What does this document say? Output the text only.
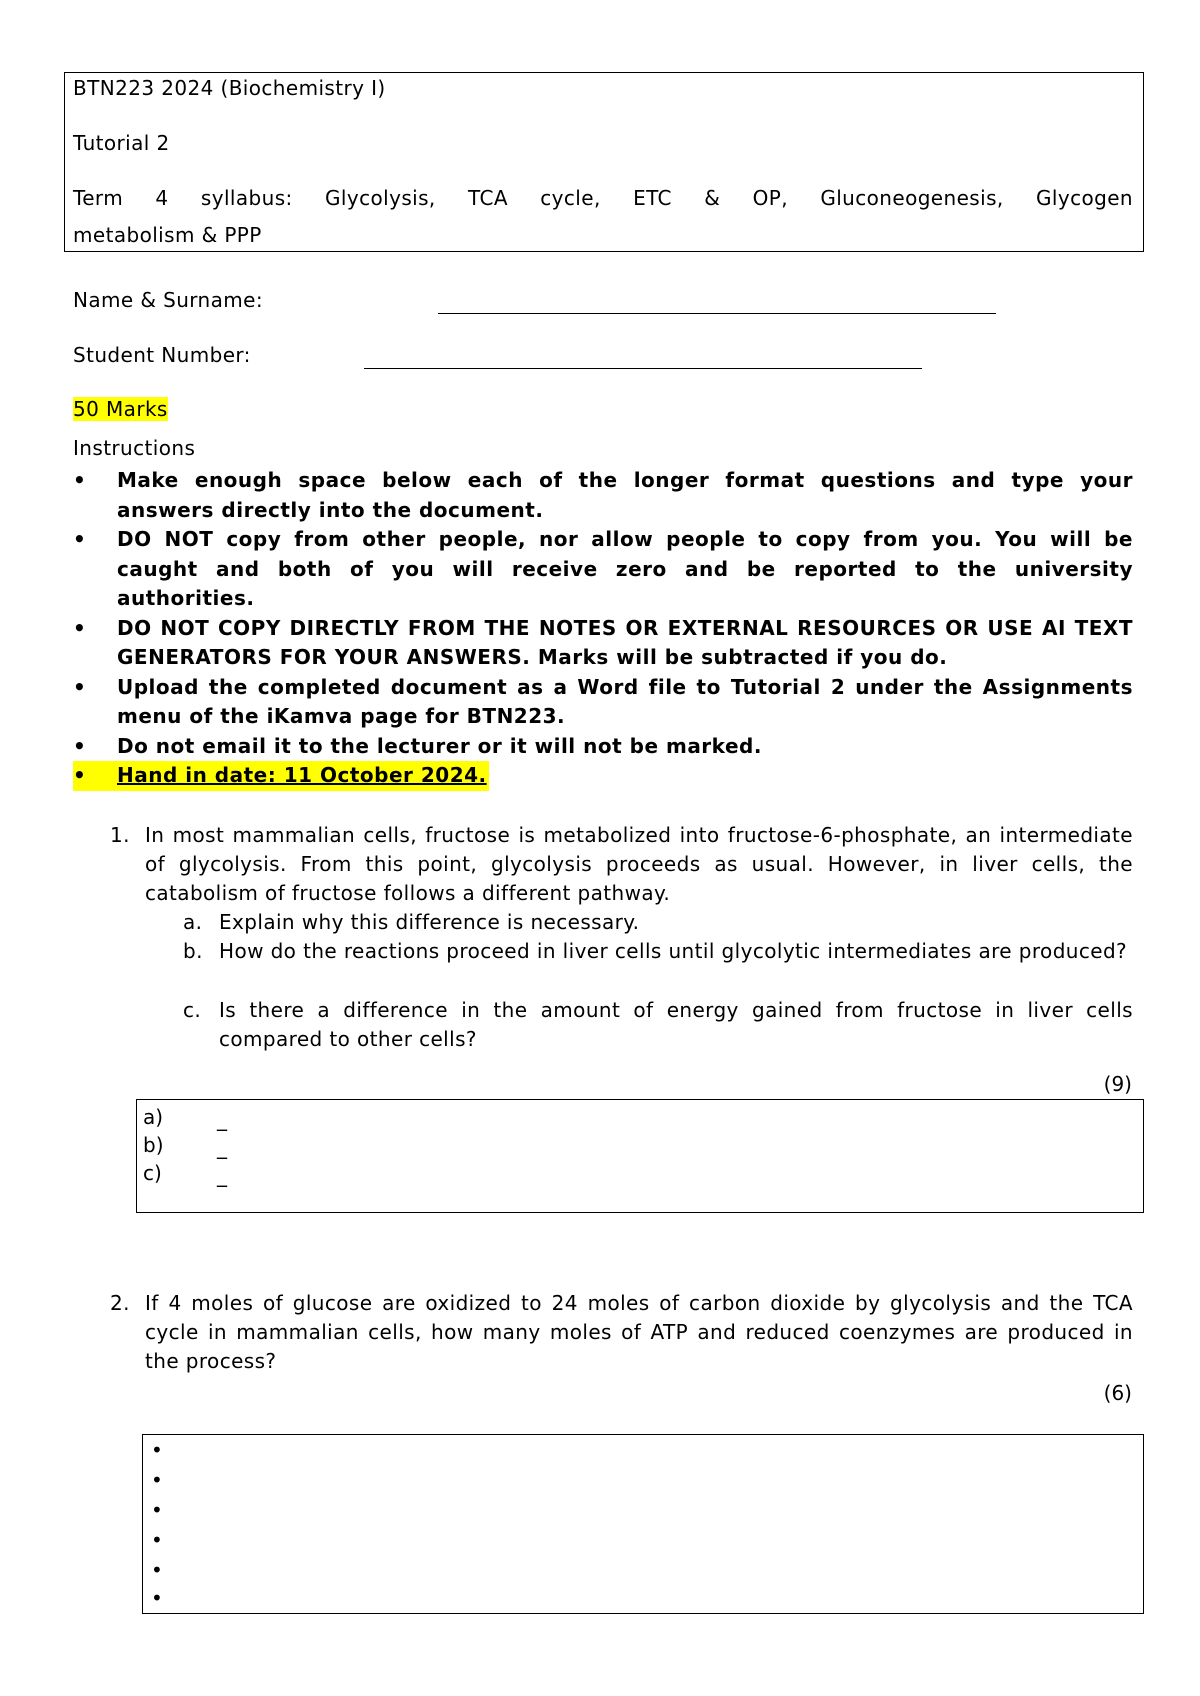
BTN223 2024 (Biochemistry I)
Tutorial 2
Term 4 syllabus: Glycolysis, TCA cycle, ETC & OP, Gluconeogenesis, Glycogen
metabolism & PPP
Name & Surname:
Student Number:
50 Marks
Instructions
•	Make enough space below each of the longer format questions and type your answers directly into the document.
•	DO NOT copy from other people, nor allow people to copy from you. You will be caught and both of you will receive zero and be reported to the university authorities.
•	DO NOT COPY DIRECTLY FROM THE NOTES OR EXTERNAL RESOURCES OR USE AI TEXT GENERATORS FOR YOUR ANSWERS. Marks will be subtracted if you do.
•	Upload the completed document as a Word file to Tutorial 2 under the Assignments menu of the iKamva page for BTN223.
•	Do not email it to the lecturer or it will not be marked.
•	Hand in date: 11 October 2024.
1. In most mammalian cells, fructose is metabolized into fructose-6-phosphate, an intermediate of glycolysis. From this point, glycolysis proceeds as usual. However, in liver cells, the catabolism of fructose follows a different pathway.
a. Explain why this difference is necessary.
b. How do the reactions proceed in liver cells until glycolytic intermediates are produced?
c. Is there a difference in the amount of energy gained from fructose in liver cells compared to other cells?
(9)
a)	_
b)	_
c)	_
2. If 4 moles of glucose are oxidized to 24 moles of carbon dioxide by glycolysis and the TCA cycle in mammalian cells, how many moles of ATP and reduced coenzymes are produced in the process?
(6)
•
•
•
•
•
•
